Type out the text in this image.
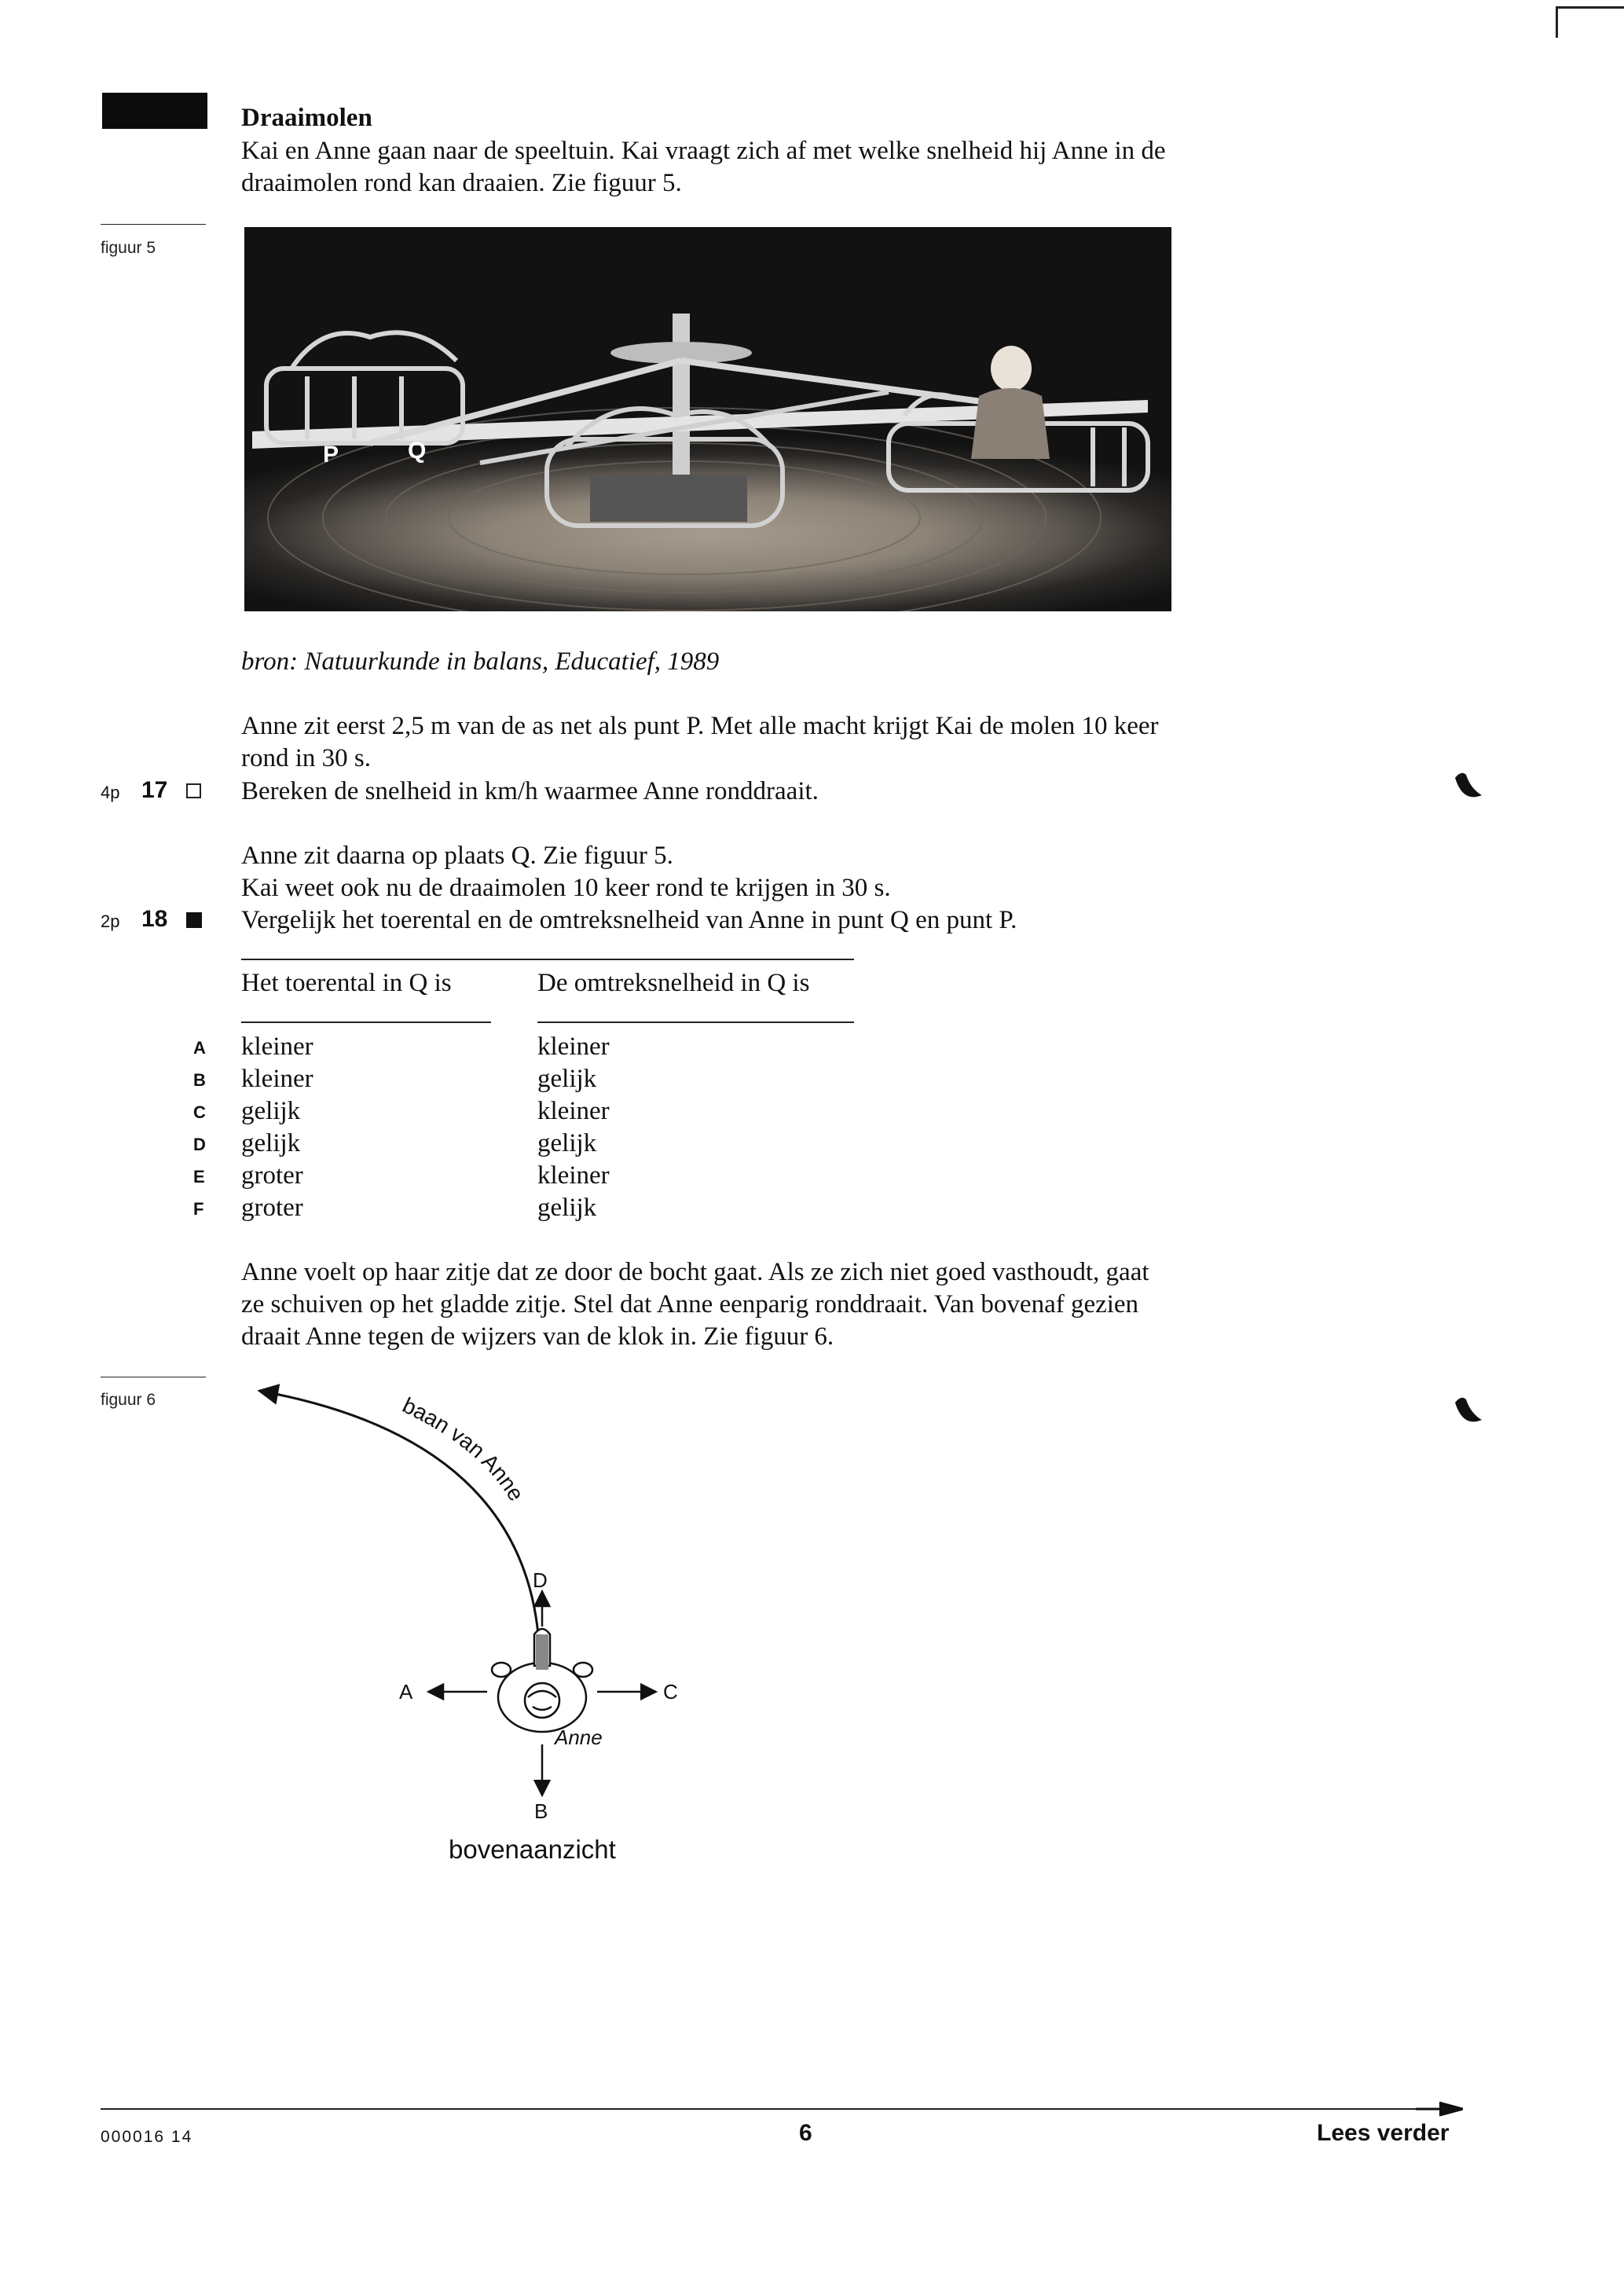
Draaimolen
Kai en Anne gaan naar de speeltuin. Kai vraagt zich af met welke snelheid hij Anne in de
draaimolen rond kan draaien. Zie figuur 5.
figuur 5
P	Q
bron: Natuurkunde in balans, Educatief, 1989
Anne zit eerst 2,5 m van de as net als punt P. Met alle macht krijgt Kai de molen 10 keer
rond in 30 s.
4p 17	Bereken de snelheid in km/h waarmee Anne ronddraait.
Anne zit daarna op plaats Q. Zie figuur 5.
Kai weet ook nu de draaimolen 10 keer rond te krijgen in 30 s.
2p 18	Vergelijk het toerental en de omtreksnelheid van Anne in punt Q en punt P.
Het toerental in Q is	De omtreksnelheid in Q is
A kleiner	kleiner
B kleiner	gelijk
C gelijk	kleiner
D gelijk	gelijk
E groter	kleiner
F groter	gelijk
Anne voelt op haar zitje dat ze door de bocht gaat. Als ze zich niet goed vasthoudt, gaat
ze schuiven op het gladde zitje. Stel dat Anne eenparig ronddraait. Van bovenaf gezien
draait Anne tegen de wijzers van de klok in. Zie figuur 6.
figuur 6	baan van Anne
D
A	C
B
Anne
bovenaanzicht
000016 14	6	Lees verder
